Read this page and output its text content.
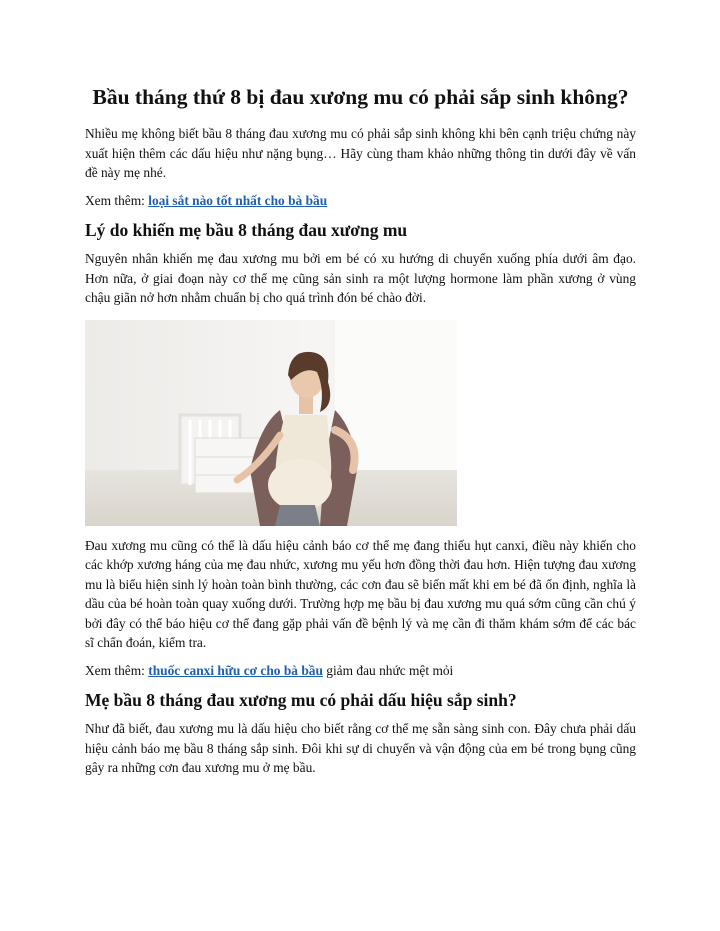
Bầu tháng thứ 8 bị đau xương mu có phải sắp sinh không?

Nhiều mẹ không biết bầu 8 tháng đau xương mu có phải sắp sinh không khi bên cạnh triệu chứng này xuất hiện thêm các dấu hiệu như nặng bụng… Hãy cùng tham khảo những thông tin dưới đây về vấn đề này mẹ nhé.

Xem thêm: loại sắt nào tốt nhất cho bà bầu

Lý do khiến mẹ bầu 8 tháng đau xương mu

Nguyên nhân khiến mẹ đau xương mu bởi em bé có xu hướng di chuyển xuống phía dưới âm đạo. Hơn nữa, ở giai đoạn này cơ thể mẹ cũng sản sinh ra một lượng hormone làm phần xương ở vùng chậu giãn nở hơn nhằm chuẩn bị cho quá trình đón bé chào đời.

Đau xương mu cũng có thể là dấu hiệu cảnh báo cơ thể mẹ đang thiếu hụt canxi, điều này khiến cho các khớp xương háng của mẹ đau nhức, xương mu yếu hơn đồng thời đau hơn. Hiện tượng đau xương mu là biểu hiện sinh lý hoàn toàn bình thường, các cơn đau sẽ biến mất khi em bé đã ổn định, nghĩa là dầu của bé hoàn toàn quay xuống dưới. Trường hợp mẹ bầu bị đau xương mu quá sớm cũng cần chú ý bởi đây có thể báo hiệu cơ thể đang gặp phải vấn đề bệnh lý và mẹ cần đi thăm khám sớm để các bác sĩ chẩn đoán, kiểm tra.

Xem thêm: thuốc canxi hữu cơ cho bà bầu giảm đau nhức mệt mỏi

Mẹ bầu 8 tháng đau xương mu có phải dấu hiệu sắp sinh?

Như đã biết, đau xương mu là dấu hiệu cho biết rằng cơ thể mẹ sẵn sàng sinh con. Đây chưa phải dấu hiệu cảnh báo mẹ bầu 8 tháng sắp sinh. Đôi khi sự di chuyển và vận động của em bé trong bụng cũng gây ra những cơn đau xương mu ở mẹ bầu.
